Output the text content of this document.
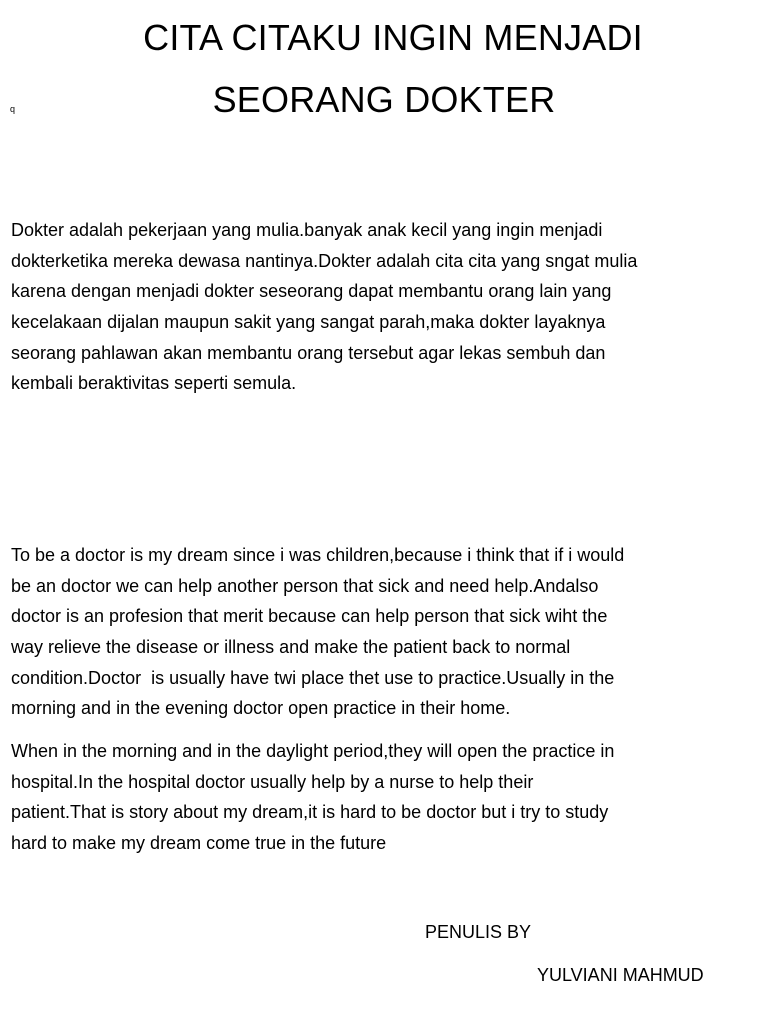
CITA CITAKU INGIN MENJADI
SEORANG DOKTER
q
Dokter adalah pekerjaan yang mulia.banyak anak kecil yang ingin menjadi
dokterketika mereka dewasa nantinya.Dokter adalah cita cita yang sngat mulia
karena dengan menjadi dokter seseorang dapat membantu orang lain yang
kecelakaan dijalan maupun sakit yang sangat parah,maka dokter layaknya
seorang pahlawan akan membantu orang tersebut agar lekas sembuh dan
kembali beraktivitas seperti semula.
To be a doctor is my dream since i was children,because i think that if i would
be an doctor we can help another person that sick and need help.Andalso
doctor is an profesion that merit because can help person that sick wiht the
way relieve the disease or illness and make the patient back to normal
condition.Doctor  is usually have twi place thet use to practice.Usually in the
morning and in the evening doctor open practice in their home.
When in the morning and in the daylight period,they will open the practice in
hospital.In the hospital doctor usually help by a nurse to help their
patient.That is story about my dream,it is hard to be doctor but i try to study
hard to make my dream come true in the future
PENULIS BY
YULVIANI MAHMUD
